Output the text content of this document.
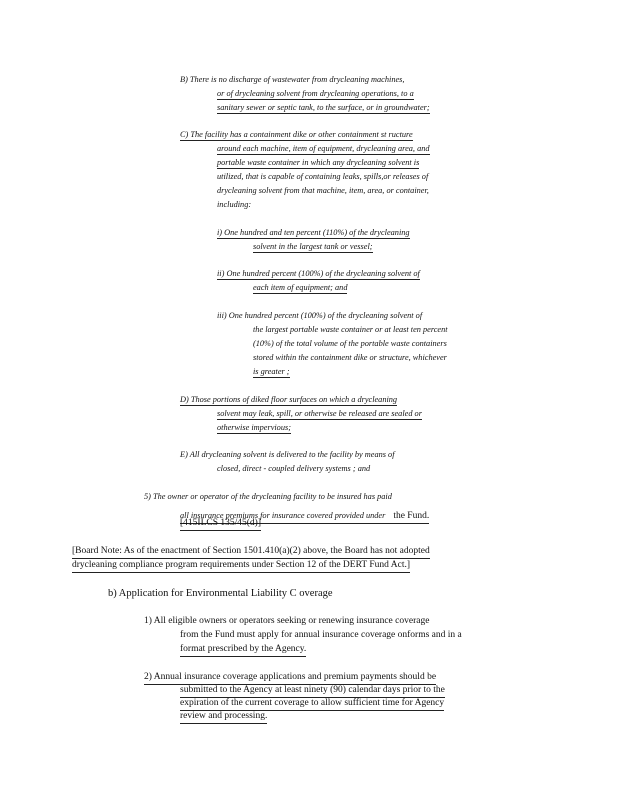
B) There is no discharge of wastewater from drycleaning machines,
or of drycleaning solvent from drycleaning operations, to a
sanitary sewer or septic tank, to the surface, or in groundwater;
C) The facility has a containment dike or other containment st ructure
around each machine, item of equipment, drycleaning area, and
portable waste container in which any drycleaning solvent is
utilized, that is capable of containing leaks, spills,or releases of
drycleaning solvent from that machine, item, area, or container,
including:
i) One hundred and ten percent (110%) of the drycleaning
solvent in the largest tank or vessel;
ii) One hundred percent (100%) of the drycleaning solvent of
each item of equipment; and
iii) One hundred percent (100%) of the drycleaning solvent of
the largest portable waste container or at least ten percent
(10%) of the total volume of the portable waste containers
stored within the containment dike or structure, whichever
is greater ;
D) Those portions of diked floor surfaces on which a drycleaning
solvent may leak, spill, or otherwise be released are sealed or
otherwise impervious;
E) All drycleaning solvent is delivered to the facility by means of
closed, direct - coupled delivery systems ; and
5) The owner or operator of the drycleaning facility to be insured has paid
all insurance premiums for insurance covered provided under the Fund.
[415ILCS 135/45(d)]
[Board Note: As of the enactment of Section 1501.410(a)(2) above, the Board has not adopted
drycleaning compliance program requirements under Section 12 of the DERT Fund Act.]
b) Application for Environmental Liability C overage
1) All eligible owners or operators seeking or renewing insurance coverage
from the Fund must apply for annual insurance coverage onforms and in a
format prescribed by the Agency.
2) Annual insurance coverage applications and premium payments should be
submitted to the Agency at least ninety (90) calendar days prior to the
expiration of the current coverage to allow sufficient time for Agency
review and processing.
